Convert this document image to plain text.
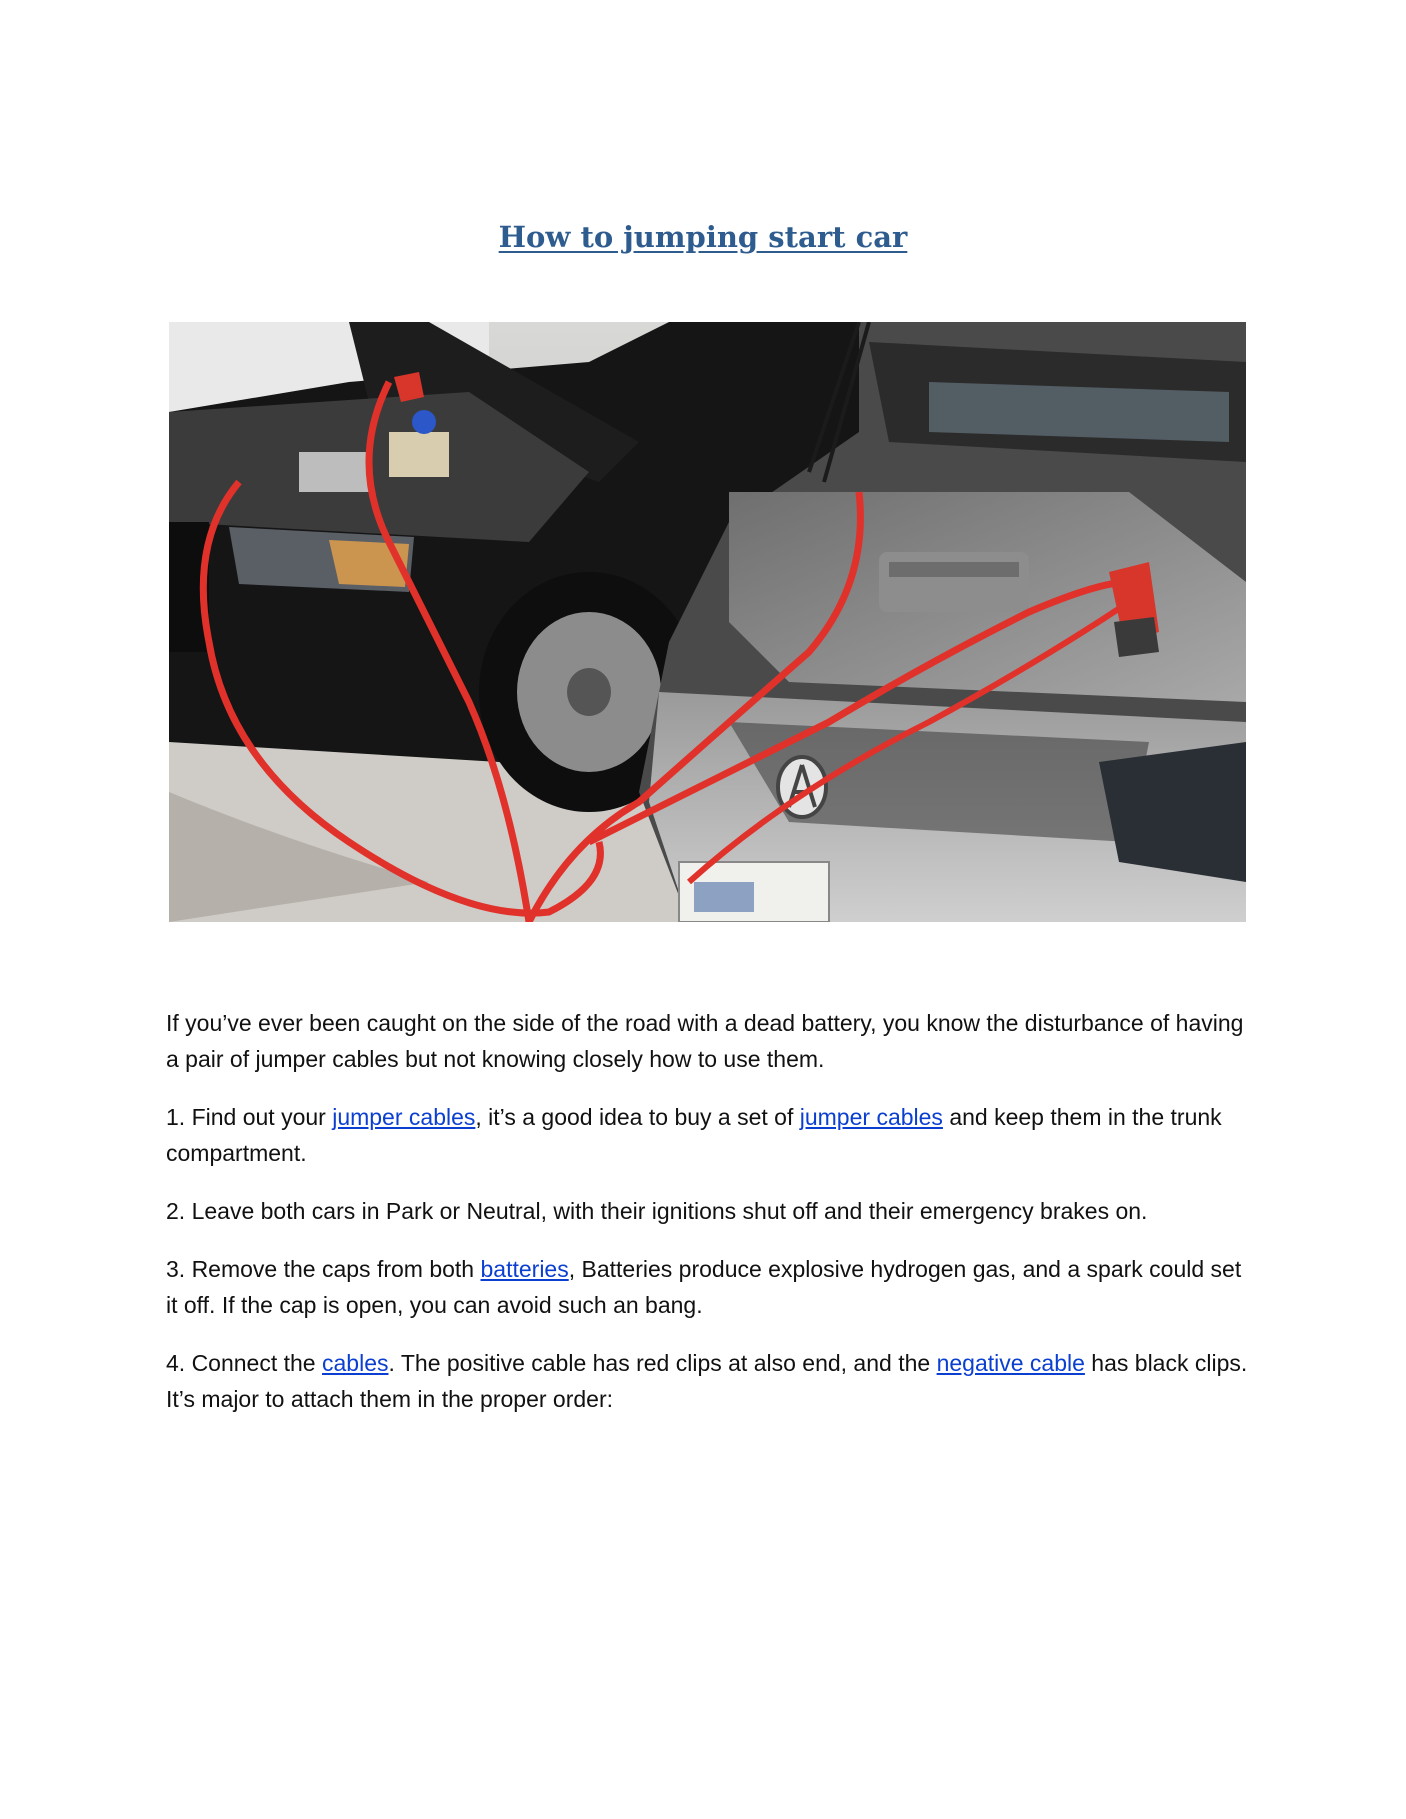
How to jumping start car

If you’ve ever been caught on the side of the road with a dead battery, you know the disturbance of having a pair of jumper cables but not knowing closely how to use them.

1. Find out your jumper cables, it’s a good idea to buy a set of jumper cables and keep them in the trunk compartment.

2. Leave both cars in Park or Neutral, with their ignitions shut off and their emergency brakes on.

3. Remove the caps from both batteries, Batteries produce explosive hydrogen gas, and a spark could set it off. If the cap is open, you can avoid such an bang.

4. Connect the cables. The positive cable has red clips at also end, and the negative cable has black clips. It’s major to attach them in the proper order:
